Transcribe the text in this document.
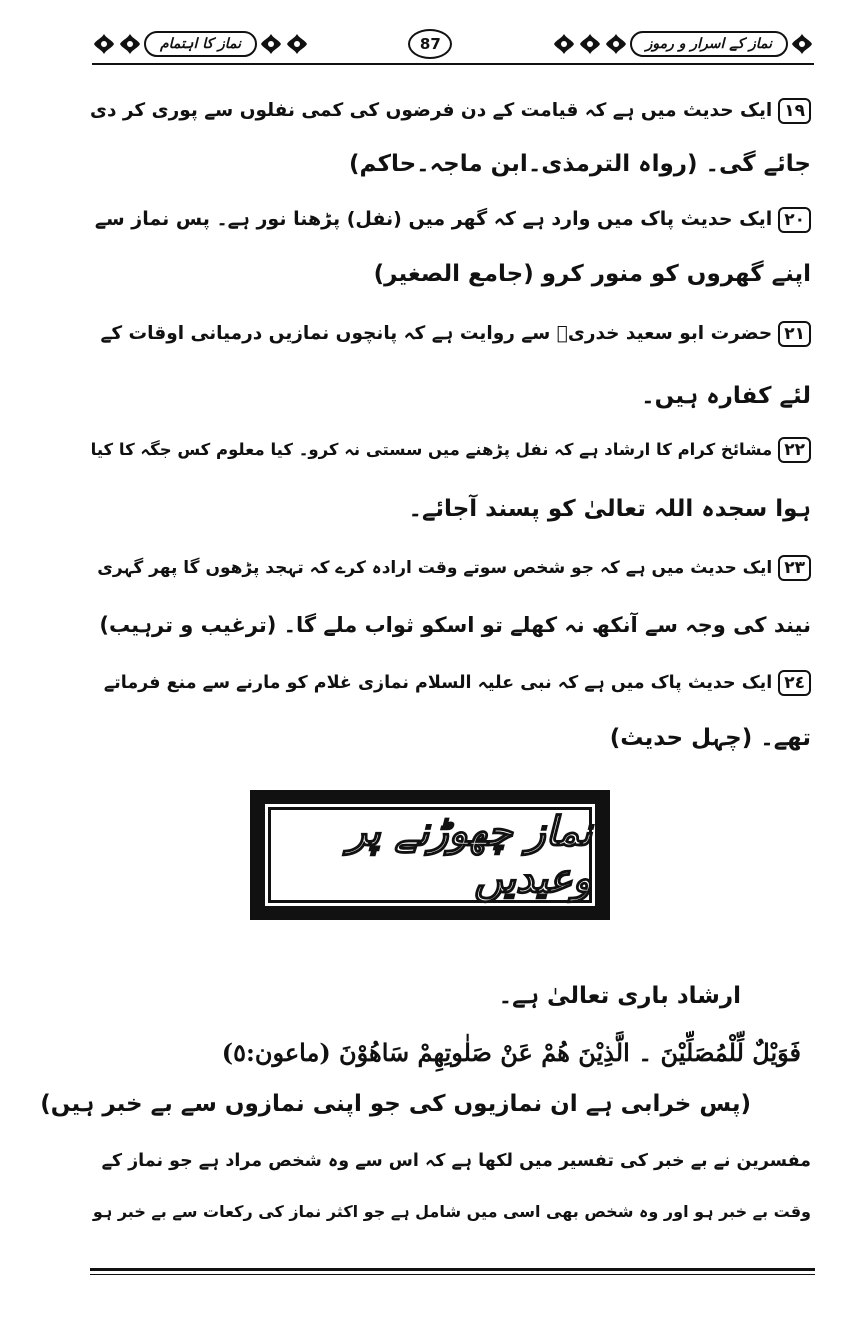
نماز کا اہتمام	87	نماز کے اسرار و رموز
١٩ایک حدیث میں ہے کہ قیامت کے دن فرضوں کی کمی نفلوں سے پوری کر دی
جائے گی۔ (رواہ الترمذی۔ابن ماجہ۔حاکم)
٢٠ایک حدیث پاک میں وارد ہے کہ گھر میں (نفل) پڑھنا نور ہے۔ پس نماز سے
اپنے گھروں کو منور کرو (جامع الصغیر)
٢١حضرت ابو سعید خدریؓ سے روایت ہے کہ پانچوں نمازیں درمیانی اوقات کے
لئے کفارہ ہیں۔
٢٢مشائخ کرام کا ارشاد ہے کہ نفل پڑھنے میں سستی نہ کرو۔ کیا معلوم کس جگہ کا کیا
ہوا سجدہ اللہ تعالیٰ کو پسند آجائے۔
٢٣ایک حدیث میں ہے کہ جو شخص سوتے وقت ارادہ کرے کہ تہجد پڑھوں گا پھر گہری
نیند کی وجہ سے آنکھ نہ کھلے تو اسکو ثواب ملے گا۔ (ترغیب و ترہیب)
٢٤ایک حدیث پاک میں ہے کہ نبی علیہ السلام نمازی غلام کو مارنے سے منع فرماتے
تھے۔ (چہل حدیث)
نماز چھوڑنے پر وعیدیں
ارشاد باری تعالیٰ ہے۔
فَوَيْلٌ لِّلْمُصَلِّيْنَ ۔ الَّذِيْنَ هُمْ عَنْ صَلٰوتِهِمْ سَاهُوْنَ (ماعون:٥)
(پس خرابی ہے ان نمازیوں کی جو اپنی نمازوں سے بے خبر ہیں)
مفسرین نے بے خبر کی تفسیر میں لکھا ہے کہ اس سے وہ شخص مراد ہے جو نماز کے
وقت بے خبر ہو اور وہ شخص بھی اسی میں شامل ہے جو اکثر نماز کی رکعات سے بے خبر ہو
